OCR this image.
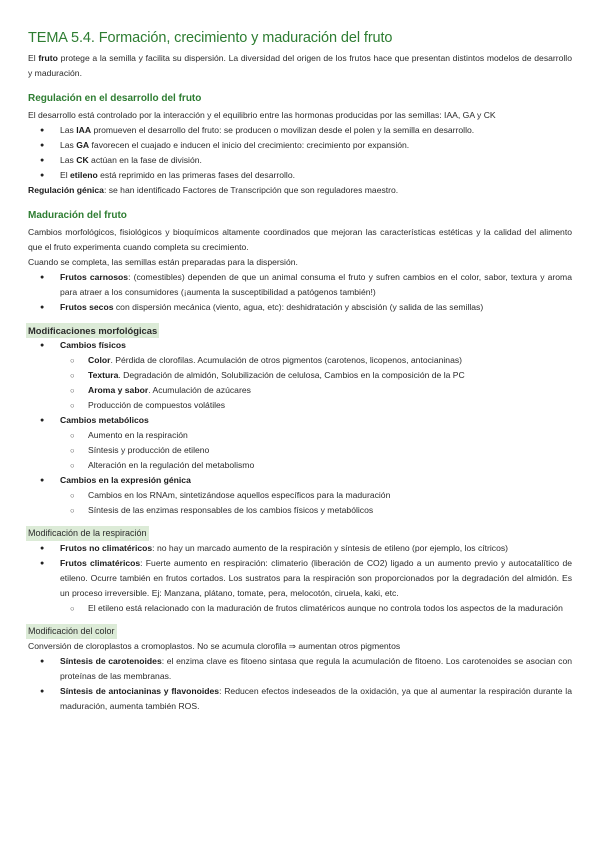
TEMA 5.4. Formación, crecimiento y maduración del fruto

El fruto protege a la semilla y facilita su dispersión. La diversidad del origen de los frutos hace que presentan distintos modelos de desarrollo y maduración.

Regulación en el desarrollo del fruto

El desarrollo está controlado por la interacción y el equilibrio entre las hormonas producidas por las semillas: IAA, GA y CK

● Las IAA promueven el desarrollo del fruto: se producen o movilizan desde el polen y la semilla en desarrollo.
● Las GA favorecen el cuajado e inducen el inicio del crecimiento: crecimiento por expansión.
● Las CK actúan en la fase de división.
● El etileno está reprimido en las primeras fases del desarrollo.

Regulación génica: se han identificado Factores de Transcripción que son reguladores maestro.

Maduración del fruto

Cambios morfológicos, fisiológicos y bioquímicos altamente coordinados que mejoran las características estéticas y la calidad del alimento que el fruto experimenta cuando completa su crecimiento.

Cuando se completa, las semillas están preparadas para la dispersión.

● Frutos carnosos: (comestibles) dependen de que un animal consuma el fruto y sufren cambios en el color, sabor, textura y aroma para atraer a los consumidores (¡aumenta la susceptibilidad a patógenos también!)
● Frutos secos con dispersión mecánica (viento, agua, etc): deshidratación y abscisión (y salida de las semillas)
Modificaciones morfológicas
● Cambios físicos
○ Color. Pérdida de clorofilas. Acumulación de otros pigmentos (carotenos, licopenos, antocianinas)
○ Textura. Degradación de almidón, Solubilización de celulosa, Cambios en la composición de la PC
○ Aroma y sabor. Acumulación de azúcares
○ Producción de compuestos volátiles
● Cambios metabólicos
○ Aumento en la respiración
○ Síntesis y producción de etileno
○ Alteración en la regulación del metabolismo
● Cambios en la expresión génica
○ Cambios en los RNAm, sintetizándose aquellos específicos para la maduración
○ Síntesis de las enzimas responsables de los cambios físicos y metabólicos
Modificación de la respiración
● Frutos no climatéricos: no hay un marcado aumento de la respiración y síntesis de etileno (por ejemplo, los cítricos)
● Frutos climatéricos: Fuerte aumento en respiración: climaterio (liberación de CO2) ligado a un aumento previo y autocatalítico de etileno. Ocurre también en frutos cortados. Los sustratos para la respiración son proporcionados por la degradación del almidón. Es un proceso irreversible. Ej: Manzana, plátano, tomate, pera, melocotón, ciruela, kaki, etc.
○ El etileno está relacionado con la maduración de frutos climatéricos aunque no controla todos los aspectos de la maduración
Modificación del color

Conversión de cloroplastos a cromoplastos. No se acumula clorofila ⇒ aumentan otros pigmentos

● Síntesis de carotenoides: el enzima clave es fitoeno sintasa que regula la acumulación de fitoeno. Los carotenoides se asocian con proteínas de las membranas.
● Síntesis de antocianinas y flavonoides: Reducen efectos indeseados de la oxidación, ya que al aumentar la respiración durante la maduración, aumenta también ROS.
